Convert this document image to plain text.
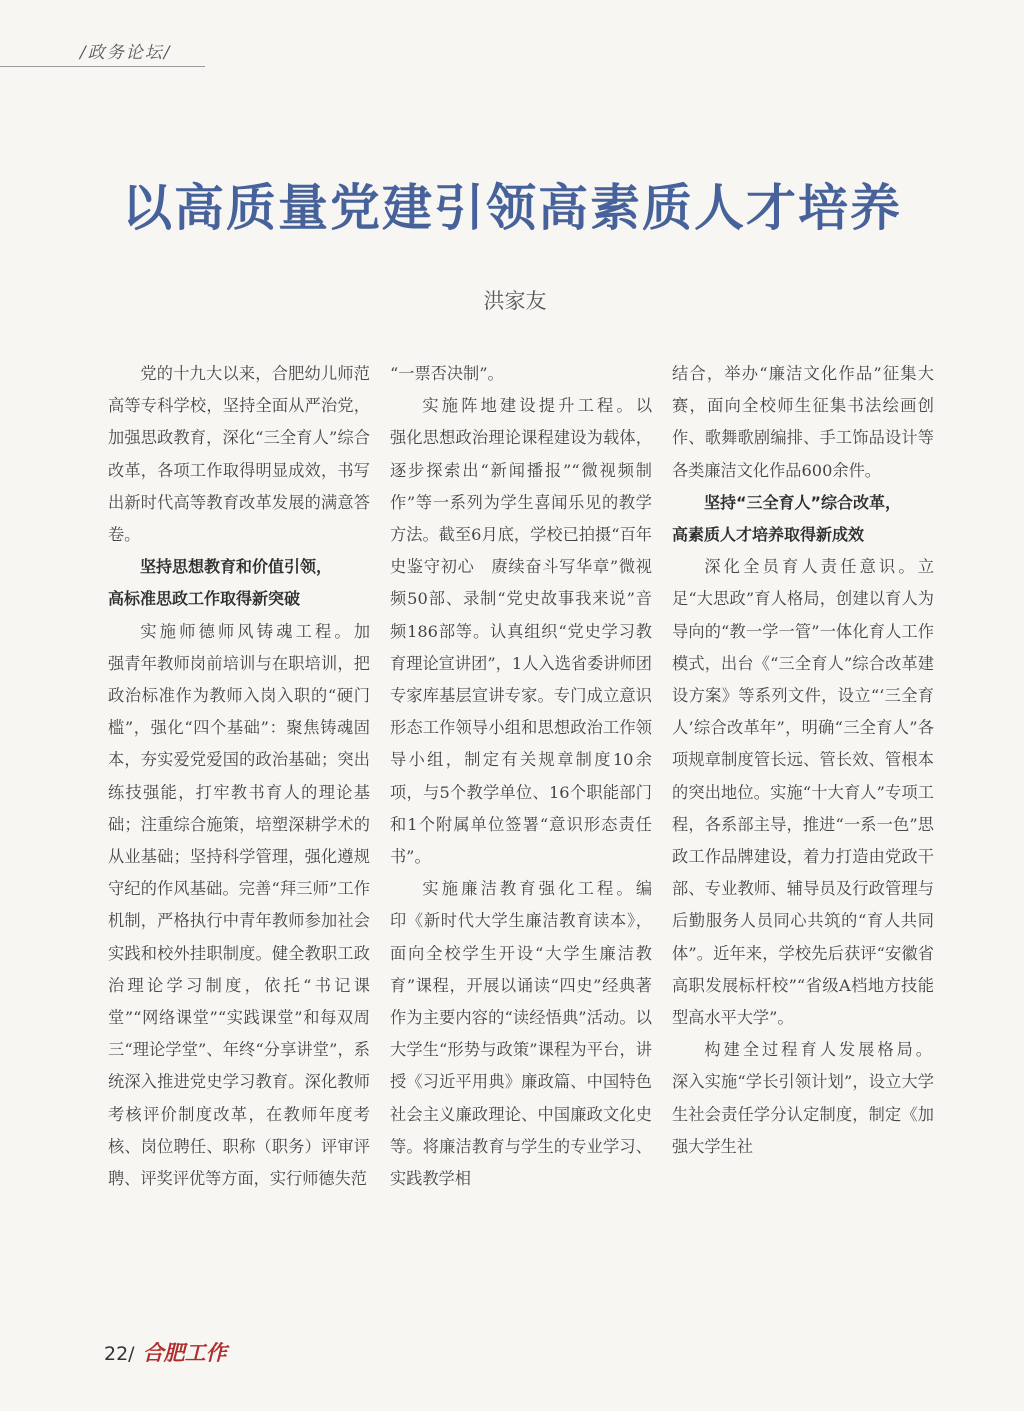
/政务论坛/
以高质量党建引领高素质人才培养
洪家友

党的十九大以来，合肥幼儿师范高等专科学校，坚持全面从严治党，加强思政教育，深化“三全育人”综合改革，各项工作取得明显成效，书写出新时代高等教育改革发展的满意答卷。

坚持思想教育和价值引领，
高标准思政工作取得新突破

实施师德师风铸魂工程。加强青年教师岗前培训与在职培训，把政治标准作为教师入岗入职的“硬门槛”，强化“四个基础”：聚焦铸魂固本，夯实爱党爱国的政治基础；突出练技强能，打牢教书育人的理论基础；注重综合施策，培塑深耕学术的从业基础；坚持科学管理，强化遵规守纪的作风基础。完善“拜三师”工作机制，严格执行中青年教师参加社会实践和校外挂职制度。健全教职工政治理论学习制度，依托“书记课堂”“网络课堂”“实践课堂”和每双周三“理论学堂”、年终“分享讲堂”，系统深入推进党史学习教育。深化教师考核评价制度改革，在教师年度考核、岗位聘任、职称（职务）评审评聘、评奖评优等方面，实行师德失范

“一票否决制”。

实施阵地建设提升工程。以强化思想政治理论课程建设为载体，逐步探索出“新闻播报”“微视频制作”等一系列为学生喜闻乐见的教学方法。截至6月底，学校已拍摄“百年史鉴守初心　赓续奋斗写华章”微视频50部、录制“党史故事我来说”音频186部等。认真组织“党史学习教育理论宣讲团”，1人入选省委讲师团专家库基层宣讲专家。专门成立意识形态工作领导小组和思想政治工作领导小组，制定有关规章制度10余项，与5个教学单位、16个职能部门和1个附属单位签署“意识形态责任书”。

实施廉洁教育强化工程。编印《新时代大学生廉洁教育读本》，面向全校学生开设“大学生廉洁教育”课程，开展以诵读“四史”经典著作为主要内容的“读经悟典”活动。以大学生“形势与政策”课程为平台，讲授《习近平用典》廉政篇、中国特色社会主义廉政理论、中国廉政文化史等。将廉洁教育与学生的专业学习、实践教学相

结合，举办“廉洁文化作品”征集大赛，面向全校师生征集书法绘画创作、歌舞歌剧编排、手工饰品设计等各类廉洁文化作品600余件。

坚持“三全育人”综合改革，
高素质人才培养取得新成效

深化全员育人责任意识。立足“大思政”育人格局，创建以育人为导向的“教一学一管”一体化育人工作模式，出台《“三全育人”综合改革建设方案》等系列文件，设立“‘三全育人’综合改革年”，明确“三全育人”各项规章制度管长远、管长效、管根本的突出地位。实施“十大育人”专项工程，各系部主导，推进“一系一色”思政工作品牌建设，着力打造由党政干部、专业教师、辅导员及行政管理与后勤服务人员同心共筑的“育人共同体”。近年来，学校先后获评“安徽省高职发展标杆校”“省级A档地方技能型高水平大学”。

构建全过程育人发展格局。深入实施“学长引领计划”，设立大学生社会责任学分认定制度，制定《加强大学生社

22/ 合肥工作
